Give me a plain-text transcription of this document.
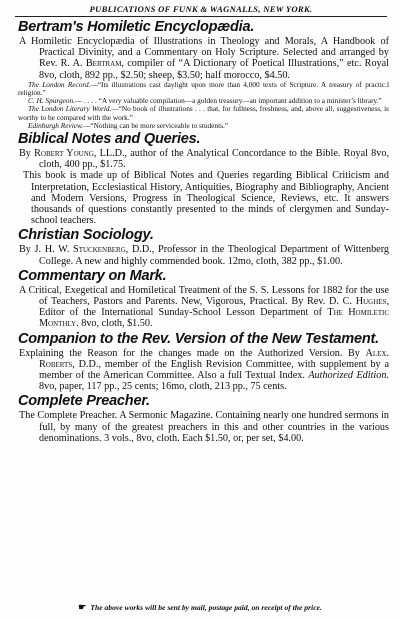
PUBLICATIONS OF FUNK & WAGNALLS, NEW YORK.
Bertram's Homiletic Encyclopædia.

A Homiletic Encyclopædia of Illustrations in Theology and Morals, A Handbook of Practical Divinity, and a Commentary on Holy Scripture. Selected and arranged by Rev. R. A. Bertram, compiler of “A Dictionary of Poetical Illustrations,” etc. Royal 8vo, cloth, 892 pp., $2.50; sheep, $3.50; half morocco, $4.50.

The London Record.—“Its illustrations cast daylight upon more than 4,000 texts of Scripture. A treasury of practic.l religion.”

C. H. Spurgeon.— . . . . “A very valuable compilation—a golden treasury—an important addition to a minister’s library.”

The London Literary World.—“No book of illustrations . . . that, for fullness, freshness, and, above all, suggestiveness, is worthy to be compared with the work.”

Edinburgh Review.—“Nothing can be more serviceable to students.”

Biblical Notes and Queries.

By Robert Young, LL.D., author of the Analytical Concordance to the Bible. Royal 8vo, cloth, 400 pp., $1.75.

This book is made up of Biblical Notes and Queries regarding Biblical Criticism and Interpretation, Ecclesiastical History, Antiquities, Biography and Bibliography, Ancient and Modern Versions, Progress in Theological Science, Reviews, etc. It answers thousands of questions constantly presented to the minds of clergymen and Sunday-school teachers.

Christian Sociology.

By J. H. W. Stuckenberg, D.D., Professor in the Theological Department of Wittenberg College. A new and highly commended book. 12mo, cloth, 382 pp., $1.00.

Commentary on Mark.

A Critical, Exegetical and Homiletical Treatment of the S. S. Lessons for 1882 for the use of Teachers, Pastors and Parents. New, Vigorous, Practical. By Rev. D. C. Hughes, Editor of the International Sunday-School Lesson Department of The Homiletic Monthly. 8vo, cloth, $1.50.

Companion to the Rev. Version of the New Testament.

Explaining the Reason for the changes made on the Authorized Version. By Alex. Roberts, D.D., member of the English Revision Committee, with supplement by a member of the American Committee. Also a full Textual Index. Authorized Edition. 8vo, paper, 117 pp., 25 cents; 16mo, cloth, 213 pp., 75 cents.

Complete Preacher.

The Complete Preacher. A Sermonic Magazine. Containing nearly one hundred sermons in full, by many of the greatest preachers in this and other countries in the various denominations. 3 vols., 8vo, cloth. Each $1.50, or, per set, $4.00.

☛ The above works will be sent by mail, postage paid, on receipt of the price.
